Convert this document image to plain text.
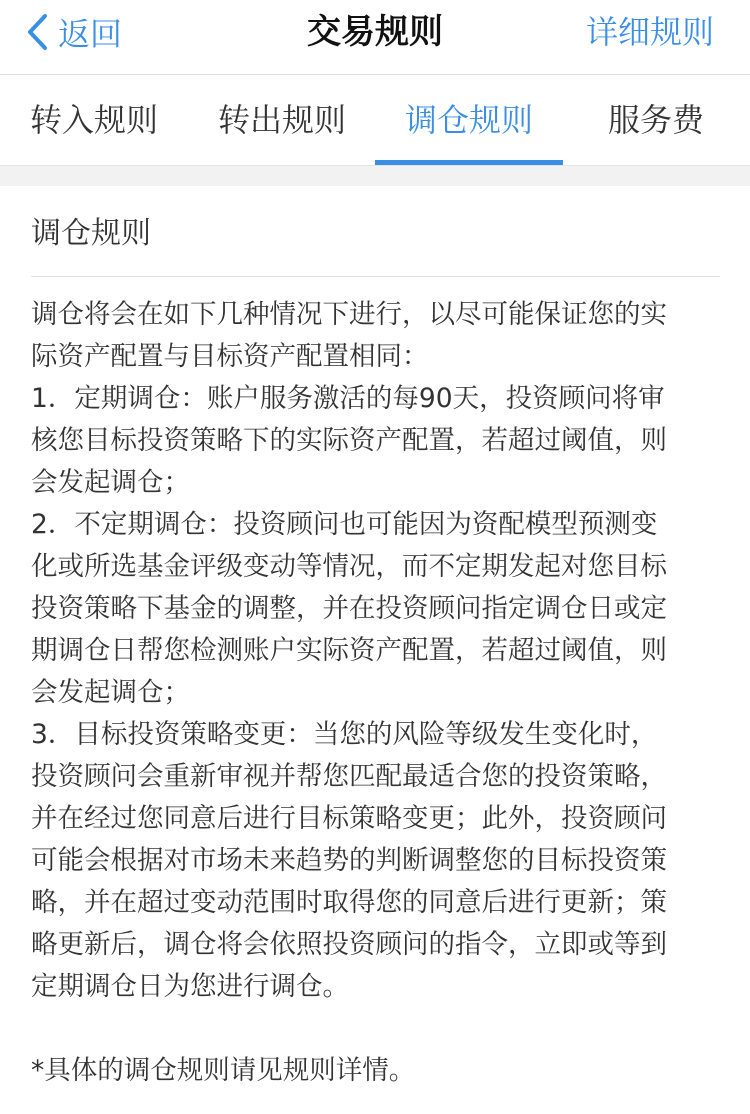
返回	交易规则	详细规则
转入规则	转出规则	调仓规则	服务费
调仓规则
调仓将会在如下几种情况下进行，以尽可能保证您的实
际资产配置与目标资产配置相同：
1．定期调仓：账户服务激活的每90天，投资顾问将审
核您目标投资策略下的实际资产配置，若超过阈值，则
会发起调仓；
2．不定期调仓：投资顾问也可能因为资配模型预测变
化或所选基金评级变动等情况，而不定期发起对您目标
投资策略下基金的调整，并在投资顾问指定调仓日或定
期调仓日帮您检测账户实际资产配置，若超过阈值，则
会发起调仓；
3．目标投资策略变更：当您的风险等级发生变化时，
投资顾问会重新审视并帮您匹配最适合您的投资策略，
并在经过您同意后进行目标策略变更；此外，投资顾问
可能会根据对市场未来趋势的判断调整您的目标投资策
略，并在超过变动范围时取得您的同意后进行更新；策
略更新后，调仓将会依照投资顾问的指令，立即或等到
定期调仓日为您进行调仓。
*具体的调仓规则请见规则详情。
